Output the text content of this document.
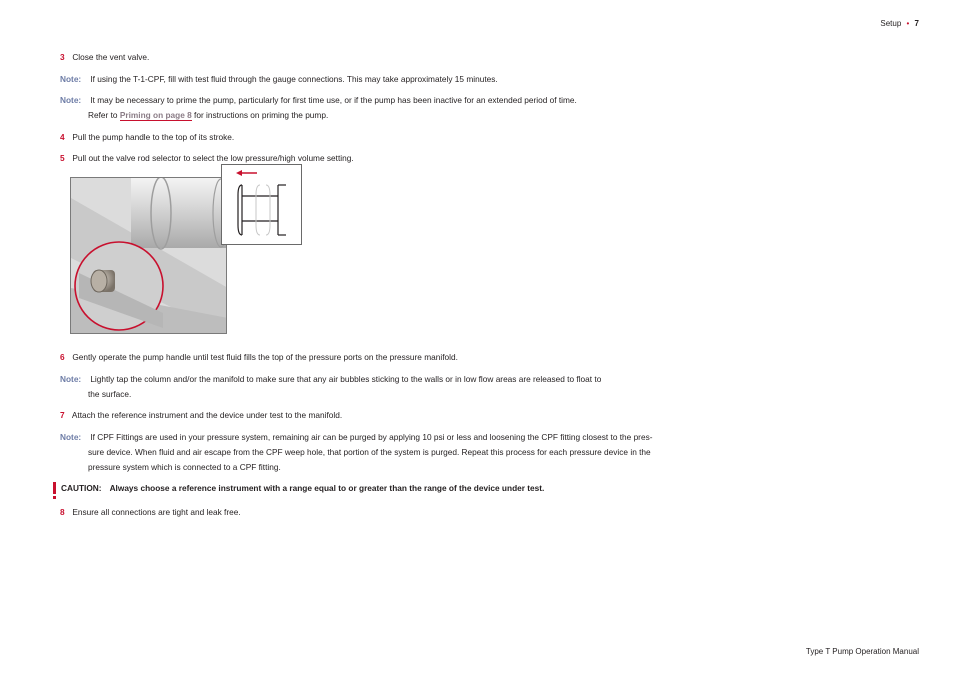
Setup • 7
3 Close the vent valve.
Note: If using the T-1-CPF, fill with test fluid through the gauge connections. This may take approximately 15 minutes.
Note: It may be necessary to prime the pump, particularly for first time use, or if the pump has been inactive for an extended period of time.
Refer to Priming on page 8 for instructions on priming the pump.
4 Pull the pump handle to the top of its stroke.
5 Pull out the valve rod selector to select the low pressure/high volume setting.
6 Gently operate the pump handle until test fluid fills the top of the pressure ports on the pressure manifold.
Note: Lightly tap the column and/or the manifold to make sure that any air bubbles sticking to the walls or in low flow areas are released to float to
the surface.
7 Attach the reference instrument and the device under test to the manifold.
Note: If CPF Fittings are used in your pressure system, remaining air can be purged by applying 10 psi or less and loosening the CPF fitting closest to the pres-
sure device. When fluid and air escape from the CPF weep hole, that portion of the system is purged. Repeat this process for each pressure device in the
pressure system which is connected to a CPF fitting.
CAUTION: Always choose a reference instrument with a range equal to or greater than the range of the device under test.
8 Ensure all connections are tight and leak free.
Type T Pump Operation Manual
